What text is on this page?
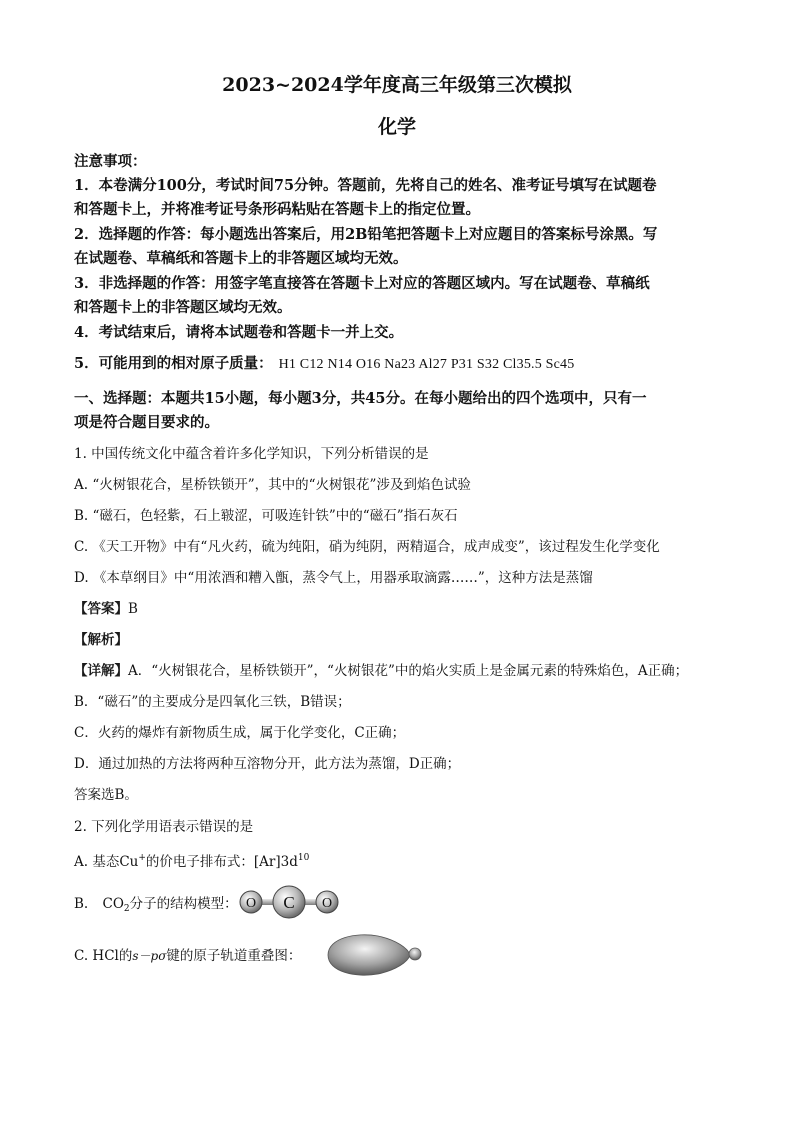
2023~2024学年度高三年级第三次模拟
化学
注意事项：
1．本卷满分100分，考试时间75分钟。答题前，先将自己的姓名、准考证号填写在试题卷
和答题卡上，并将准考证号条形码粘贴在答题卡上的指定位置。
2．选择题的作答：每小题选出答案后，用2B铅笔把答题卡上对应题目的答案标号涂黑。写
在试题卷、草稿纸和答题卡上的非答题区域均无效。
3．非选择题的作答：用签字笔直接答在答题卡上对应的答题区域内。写在试题卷、草稿纸
和答题卡上的非答题区域均无效。
4．考试结束后，请将本试题卷和答题卡一并上交。
5．可能用到的相对原子质量： H1 C12 N14 O16 Na23 Al27 P31 S32 Cl35.5 Sc45
一、选择题：本题共15小题，每小题3分，共45分。在每小题给出的四个选项中，只有一
项是符合题目要求的。
1. 中国传统文化中蕴含着许多化学知识，下列分析错误的是
A. “火树银花合，星桥铁锁开”，其中的“火树银花”涉及到焰色试验
B. “磁石，色轻紫，石上皲涩，可吸连针铁”中的“磁石”指石灰石
C. 《天工开物》中有“凡火药，硫为纯阳，硝为纯阴，两精逼合，成声成变”，该过程发生化学变化
D. 《本草纲目》中“用浓酒和糟入甑，蒸令气上，用器承取滴露……”，这种方法是蒸馏
【答案】B
【解析】
【详解】A．“火树银花合，星桥铁锁开”，“火树银花”中的焰火实质上是金属元素的特殊焰色，A正确；
B．“磁石”的主要成分是四氧化三铁，B错误；
C．火药的爆炸有新物质生成，属于化学变化，C正确；
D．通过加热的方法将两种互溶物分开，此方法为蒸馏，D正确；
答案选B。
2. 下列化学用语表示错误的是
A. 基态Cu+的价电子排布式：$[Ar]3d^{10}$
B. $CO_2$分子的结构模型： O C O
C. HCl的s－pσ键的原子轨道重叠图：
